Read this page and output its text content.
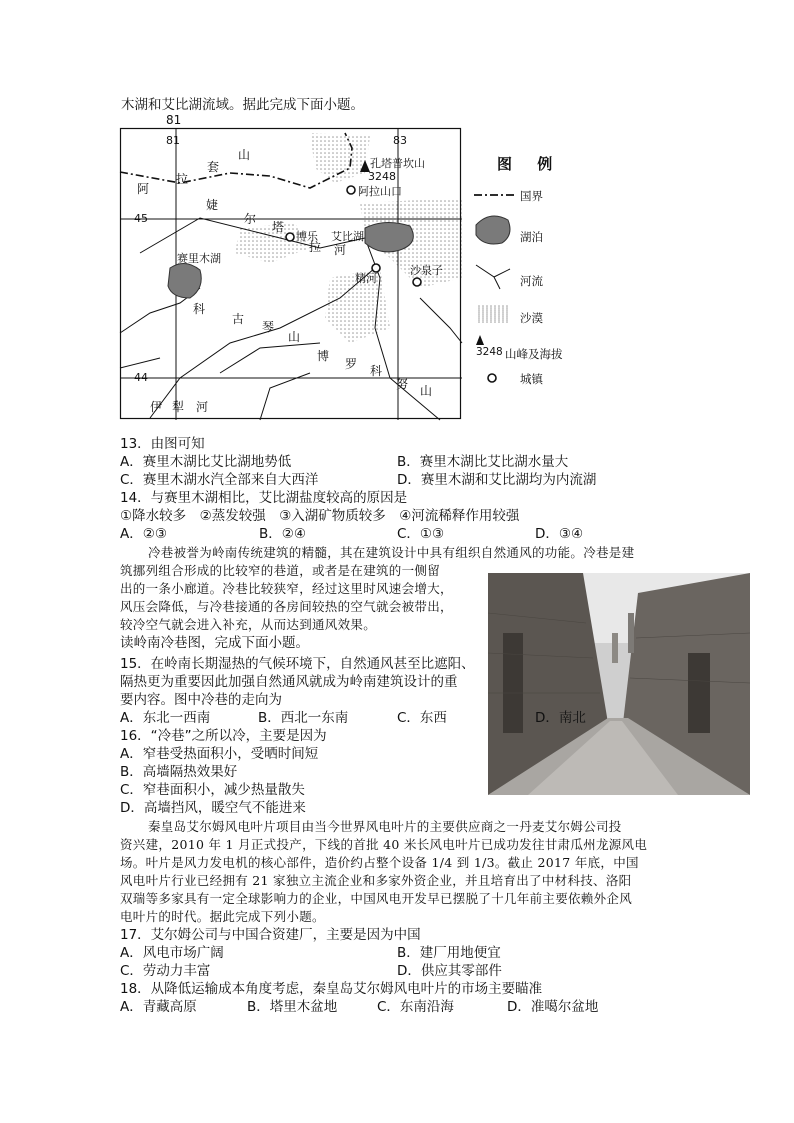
木湖和艾比湖流域。据此完成下面小题。
81
81	83
45
44
孔塔普坎山
3248
阿拉山口
博乐 艾比湖
精河
沙泉子
赛里木湖
阿
拉
套
山
婕
尔
塔
拉 河
科
古
琴
山
博
罗 科
努 山
伊 犁 河
图 例
国界
湖泊
河流
沙漠
3248 山峰及海拔
城镇
13．由图可知
A．赛里木湖比艾比湖地势低	B．赛里木湖比艾比湖水量大
C．赛里木湖水汽全部来自大西洋	D．赛里木湖和艾比湖均为内流湖
14．与赛里木湖相比，艾比湖盐度较高的原因是
①降水较多　②蒸发较强　③入湖矿物质较多　④河流稀释作用较强
A．②③	B．②④	C．①③	D．③④
冷巷被誉为岭南传统建筑的精髓，其在建筑设计中具有组织自然通风的功能。冷巷是建
筑挪列组合形成的比较窄的巷道，或者是在建筑的一侧留
出的一条小廊道。冷巷比较狭窄，经过这里时风速会增大，
风压会降低，与冷巷接通的各房间较热的空气就会被带出，
较冷空气就会进入补充，从而达到通风效果。
读岭南冷巷图，完成下面小题。
15．在岭南长期湿热的气候环境下，自然通风甚至比遮阳、
隔热更为重要因此加强自然通风就成为岭南建筑设计的重
要内容。图中冷巷的走向为
A．东北一西南	B．西北一东南	C．东西	D．南北
16．“冷巷”之所以冷，主要是因为
A．窄巷受热面积小，受晒时间短
B．高墙隔热效果好
C．窄巷面积小，减少热量散失
D．高墙挡风，暖空气不能进来
秦皇岛艾尔姆风电叶片项目由当今世界风电叶片的主要供应商之一丹麦艾尔姆公司投
资兴建，2010 年 1 月正式投产，下线的首批 40 米长风电叶片已成功发往甘肃瓜州龙源风电
场。叶片是风力发电机的核心部件，造价约占整个设备 1/4 到 1/3。截止 2017 年底，中国
风电叶片行业已经拥有 21 家独立主流企业和多家外资企业，并且培育出了中材科技、洛阳
双瑞等多家具有一定全球影响力的企业，中国风电开发早已摆脱了十几年前主要依赖外企风
电叶片的时代。据此完成下列小题。
17．艾尔姆公司与中国合资建厂，主要是因为中国
A．风电市场广阔	B．建厂用地便宜
C．劳动力丰富	D．供应其零部件
18．从降低运输成本角度考虑，秦皇岛艾尔姆风电叶片的市场主要瞄准
A．青藏高原	B．塔里木盆地	C．东南沿海	D．准噶尔盆地
